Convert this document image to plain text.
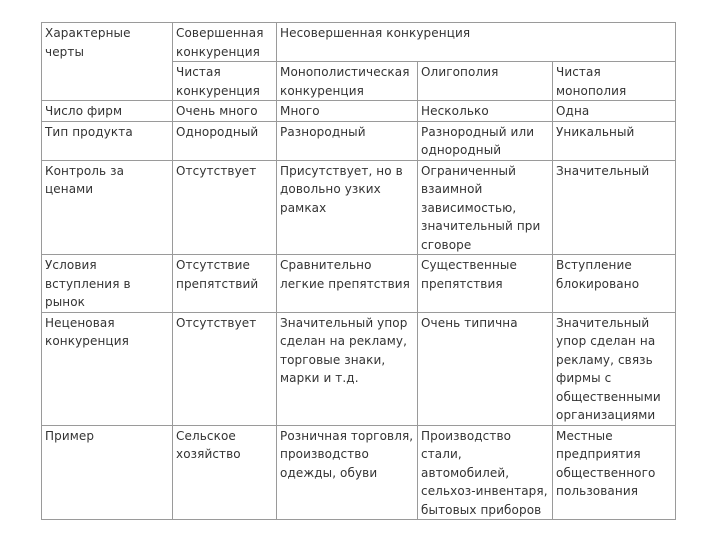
Характерные черты	Совершенная конкуренция	Несовершенная конкуренция		
	Чистая конкуренция	Монополистическая конкуренция	Олигополия	Чистая монополия
Число фирм	Очень много	Много	Несколько	Одна
Тип продукта	Однородный	Разнородный	Разнородный или однородный	Уникальный
Контроль за ценами	Отсутствует	Присутствует, но в довольно узких рамках	Ограниченный взаимной зависимостью, значительный при сговоре	Значительный
Условия вступления в рынок	Отсутствие препятствий	Сравнительно легкие препятствия	Существенные препятствия	Вступление блокировано
Неценовая конкуренция	Отсутствует	Значительный упор сделан на рекламу, торговые знаки, марки и т.д.	Очень типична	Значительный упор сделан на рекламу, связь фирмы с общественными организациями
Пример	Сельское хозяйство	Розничная торговля, производство одежды, обуви	Производство стали, автомобилей, сельхоз-инвентаря, бытовых приборов	Местные предприятия общественного пользования
